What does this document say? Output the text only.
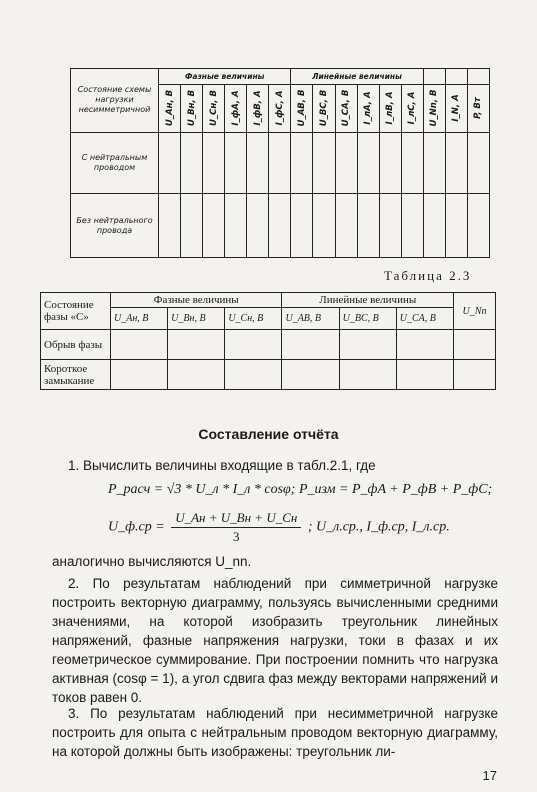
Состояние схемы нагрузки несимметричной	Фазные величины						Линейные величины								

	U_Aн, B	U_Вн, B	U_Сн, B	I_фА, A	I_фВ, A	I_фС, A	U_AB, B	U_BC, B	U_CA, B	I_лA, A	I_лB, A	I_лC, A	U_Nn, B	I_N, A	P, Вт

С нейтральным проводом															
Без нейтрального провода															
Таблица 2.3
Состояние фазы «С»	Фазные величины			Линейные величины			U_Nn
	U_Aн, B	U_Вн, B	U_Сн, B	U_AB, B	U_BC, B	U_CA, B	
Обрыв фазы							
Короткое замыкание							
Составление отчёта
1. Вычислить величины входящие в табл.2.1, где
P_расч = √3 * U_л * I_л * cosφ; P_изм = P_фA + P_фB + P_фC;
U_ф.ср = $\frac{U\_Ан + U\_Вн + U\_Сн}{3}$ ; U_л.ср., I_ф.ср, I_л.ср.
аналогично вычисляются U_nn.
2. По результатам наблюдений при симметричной нагрузке построить векторную диаграмму, пользуясь вычисленными средними значениями, на которой изобразить треугольник линейных напряжений, фазные напряжения нагрузки, токи в фазах и их геометрическое суммирование. При построении помнить что нагрузка активная (cosφ = 1), а угол сдвига фаз между векторами напряжений и токов равен 0.
3. По результатам наблюдений при несимметричной нагрузке построить для опыта с нейтральным проводом векторную диаграмму, на которой должны быть изображены: треугольник ли-
17
